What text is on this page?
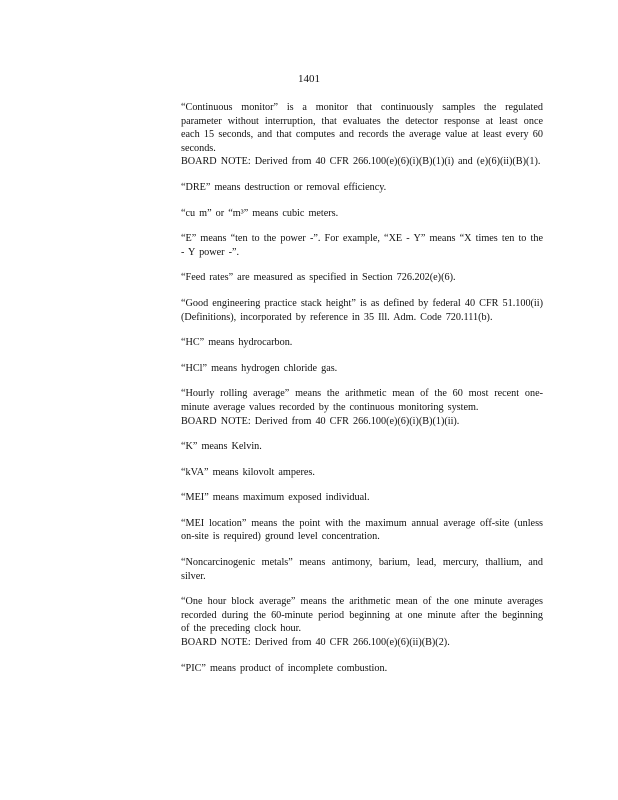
1401

“Continuous monitor” is a monitor that continuously samples the regulated parameter without interruption, that evaluates the detector response at least once each 15 seconds, and that computes and records the average value at least every 60 seconds.

BOARD NOTE: Derived from 40 CFR 266.100(e)(6)(i)(B)(1)(i) and (e)(6)(ii)(B)(1).

“DRE” means destruction or removal efficiency.

“cu m” or “m³” means cubic meters.

“E” means “ten to the power -”. For example, “XE - Y” means “X times ten to the - Y power -”.

“Feed rates” are measured as specified in Section 726.202(e)(6).

“Good engineering practice stack height” is as defined by federal 40 CFR 51.100(ii) (Definitions), incorporated by reference in 35 Ill. Adm. Code 720.111(b).

“HC” means hydrocarbon.

“HCl” means hydrogen chloride gas.

“Hourly rolling average” means the arithmetic mean of the 60 most recent one-minute average values recorded by the continuous monitoring system.

BOARD NOTE: Derived from 40 CFR 266.100(e)(6)(i)(B)(1)(ii).

“K” means Kelvin.

“kVA” means kilovolt amperes.

“MEI” means maximum exposed individual.

“MEI location” means the point with the maximum annual average off-site (unless on-site is required) ground level concentration.

“Noncarcinogenic metals” means antimony, barium, lead, mercury, thallium, and silver.

“One hour block average” means the arithmetic mean of the one minute averages recorded during the 60-minute period beginning at one minute after the beginning of the preceding clock hour.

BOARD NOTE: Derived from 40 CFR 266.100(e)(6)(ii)(B)(2).

“PIC” means product of incomplete combustion.
